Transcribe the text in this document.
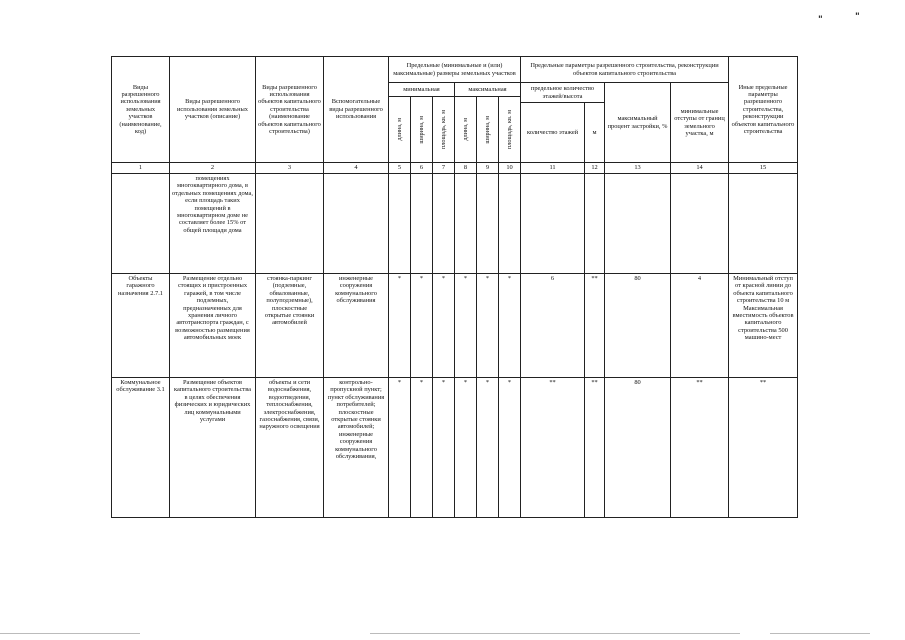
"	"
Виды разрешенного использования земельных участков (наименование, код)	Виды разрешенного использования земельных участков (описание)	Виды разрешенного использования объектов капитального строительства (наименование объектов капитального строительства)	Вспомогательные виды разрешенного использования	Предельные (минимальные и (или) максимальные) размеры земельных участков						Предельные параметры разрешенного строительства, реконструкции объектов капитального строительства				Иные предельные параметры разрешенного строительства, реконструкции объектов капитального строительства
				минимальная			максимальная			предельное количество этажей/высота		максимальный процент застройки, %	минимальные отступы от границ земельного участка, м	

				длина, м	ширина, м	площадь, кв. м	длина, м	ширина, м	площадь, кв. м					

										количество этажей	м			
1	2	3	4	5	6	7	8	9	10	11	12	13	14	15
	помещениях многоквартирного дома, в отдельных помещениях дома, если площадь таких помещений в многоквартирном доме не составляет более 15% от общей площади дома													
Объекты гаражного назначения 2.7.1	Размещение отдельно стоящих и пристроенных гаражей, в том числе подземных, предназначенных для хранения личного автотранспорта граждан, с возможностью размещения автомобильных моек	стоянка-паркинг (подземные, обвалованные, полуподземные), плоскостные открытые стоянки автомобилей	инженерные сооружения коммунального обслуживания	*	*	*	*	*	*	6	**	80	4	Минимальный отступ от красной линии до объекта капитального строительства 10 м Максимальная вместимость объектов капитального строительства 500 машино-мест
Коммунальное обслуживание 3.1	Размещение объектов капитального строительства в целях обеспечения физических и юридических лиц коммунальными услугами	объекты и сети водоснабжения, водоотведения, теплоснабжения, электроснабжения, газоснабжения, связи, наружного освещения	контрольно-пропускной пункт; пункт обслуживания потребителей; плоскостные открытые стоянки автомобилей; инженерные сооружения коммунального обслуживания,	*	*	*	*	*	*	**	**	80	**	**
